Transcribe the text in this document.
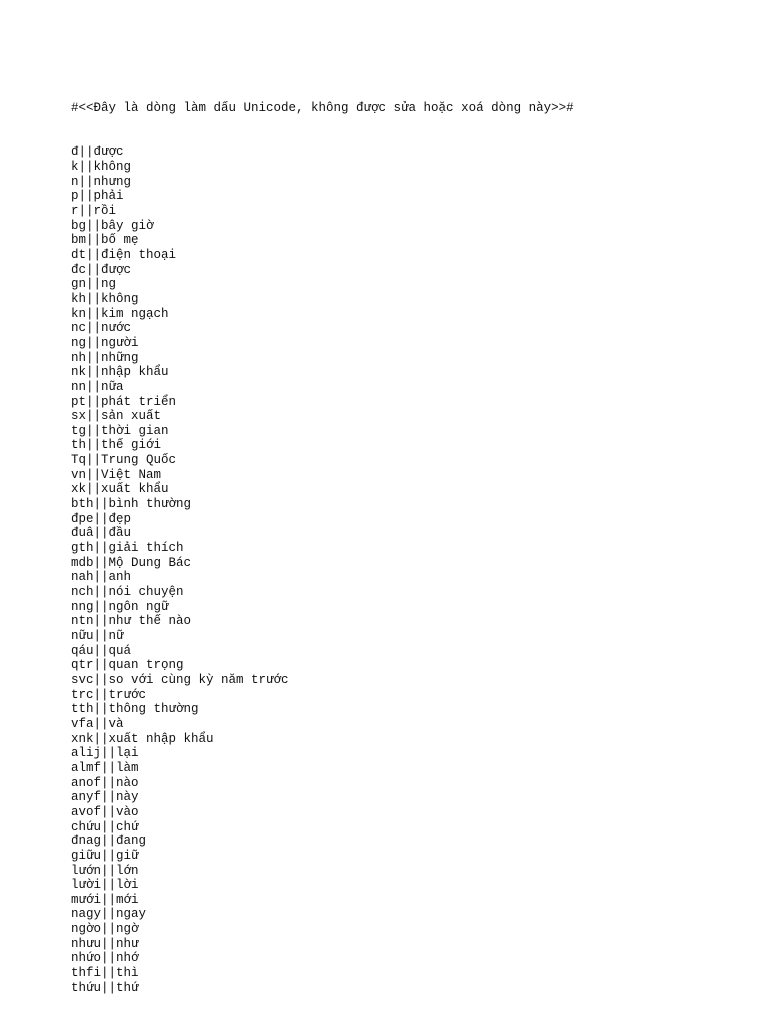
#<<Đây là dòng làm dấu Unicode, không được sửa hoặc xoá dòng này>>#

đ||được
k||không
n||nhưng
p||phải
r||rồi
bg||bây giờ
bm||bố mẹ
dt||điện thoại
đc||được
gn||ng
kh||không
kn||kim ngạch
nc||nước
ng||người
nh||những
nk||nhập khẩu
nn||nữa
pt||phát triển
sx||sản xuất
tg||thời gian
th||thế giới
Tq||Trung Quốc
vn||Việt Nam
xk||xuất khẩu
bth||bình thường
đpe||đẹp
đuâ||đầu
gth||giải thích
mdb||Mộ Dung Bác
nah||anh
nch||nói chuyện
nng||ngôn ngữ
ntn||như thế nào
nữu||nữ
qáu||quá
qtr||quan trọng
svc||so với cùng kỳ năm trước
trc||trước
tth||thông thường
vfa||và
xnk||xuất nhập khẩu
alij||lại
almf||làm
anof||nào
anyf||này
avof||vào
chứu||chứ
đnag||đang
giữu||giữ
lướn||lớn
lười||lời
mưới||mới
nagy||ngay
ngờo||ngờ
nhưu||như
nhứo||nhớ
thfi||thì
thứu||thứ
